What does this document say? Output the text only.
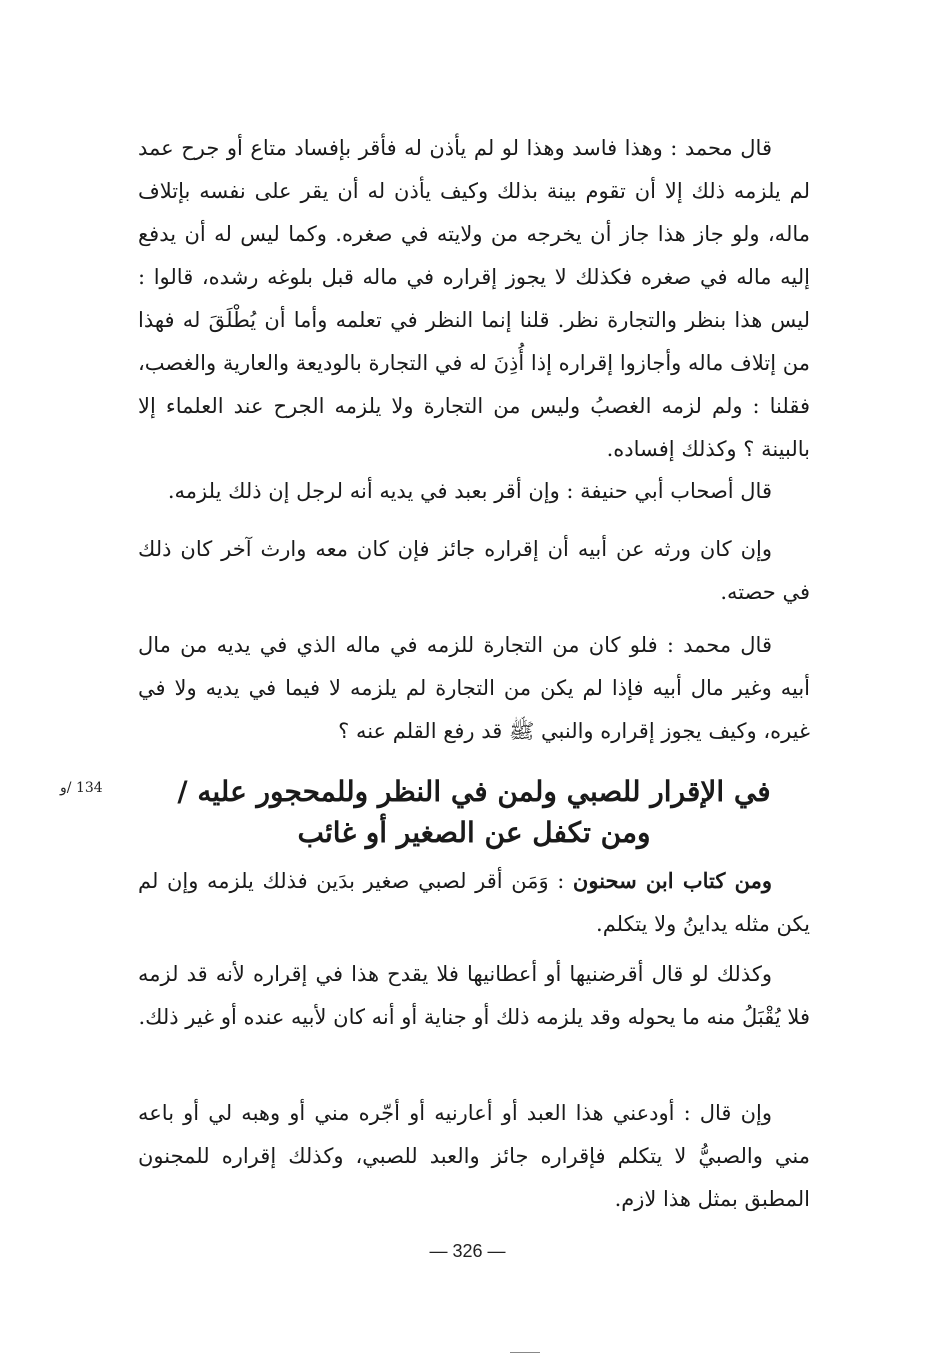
قال محمد : وهذا فاسد وهذا لو لم يأذن له فأقر بإفساد متاع أو جرح عمد لم يلزمه ذلك إلا أن تقوم بينة بذلك وكيف يأذن له أن يقر على نفسه بإتلاف ماله، ولو جاز هذا جاز أن يخرجه من ولايته في صغره. وكما ليس له أن يدفع إليه ماله في صغره فكذلك لا يجوز إقراره في ماله قبل بلوغه رشده، قالوا : ليس هذا بنظر والتجارة نظر. قلنا إنما النظر في تعلمه وأما أن يُطْلَقَ له فهذا من إتلاف ماله وأجازوا إقراره إذا أُذِنَ له في التجارة بالوديعة والعارية والغصب، فقلنا : ولم لزمه الغصبُ وليس من التجارة ولا يلزمه الجرح عند العلماء إلا بالبينة ؟ وكذلك إفساده.

قال أصحاب أبي حنيفة : وإن أقر بعبد في يديه أنه لرجل إن ذلك يلزمه.

وإن كان ورثه عن أبيه أن إقراره جائز فإن كان معه وارث آخر كان ذلك في حصته.

قال محمد : فلو كان من التجارة للزمه في ماله الذي في يديه من مال أبيه وغير مال أبيه فإذا لم يكن من التجارة لم يلزمه لا فيما في يديه ولا في غيره، وكيف يجوز إقراره والنبي ﷺ قد رفع القلم عنه ؟

134 /و	في الإقرار للصبي ولمن في النظر وللمحجور عليه /

ومن تكفل عن الصغير أو غائب

ومن كتاب ابن سحنون : وَمَن أقر لصبي صغير بدَين فذلك يلزمه وإن لم يكن مثله يداينُ ولا يتكلم.

وكذلك لو قال أقرضنيها أو أعطانيها فلا يقدح هذا في إقراره لأنه قد لزمه فلا يُقْبَلُ منه ما يحوله وقد يلزمه ذلك أو جناية أو أنه كان لأبيه عنده أو غير ذلك.

وإن قال : أودعني هذا العبد أو أعارنيه أو أجّره مني أو وهبه لي أو باعه مني والصبيُّ لا يتكلم فإقراره جائز والعبد للصبي، وكذلك إقراره للمجنون المطبق بمثل هذا لازم.

— 326 —
